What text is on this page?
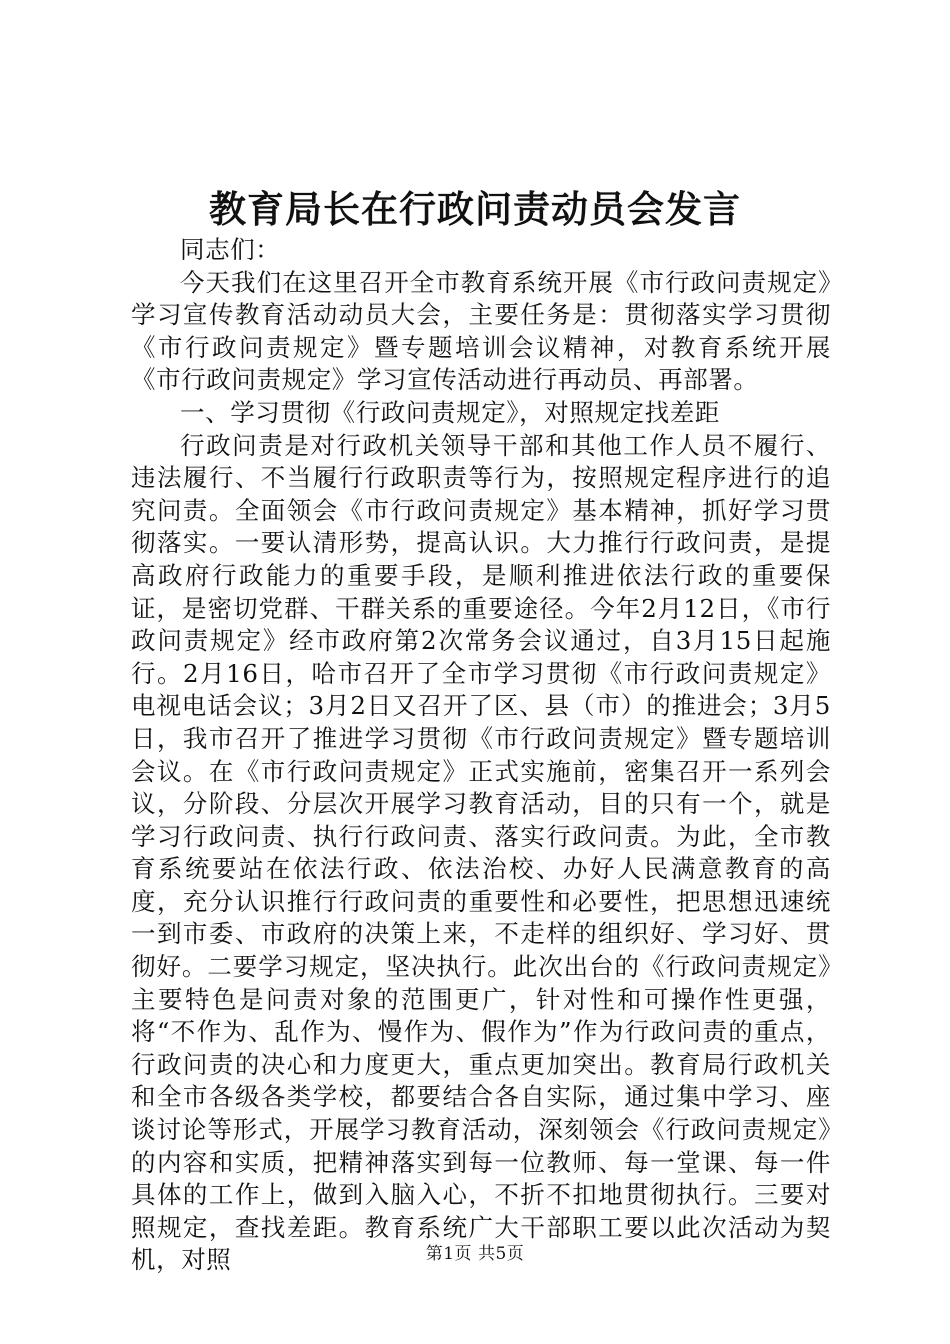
教育局长在行政问责动员会发言

同志们：

今天我们在这里召开全市教育系统开展《市行政问责规定》学习宣传教育活动动员大会，主要任务是：贯彻落实学习贯彻《市行政问责规定》暨专题培训会议精神，对教育系统开展《市行政问责规定》学习宣传活动进行再动员、再部署。

一、学习贯彻《行政问责规定》，对照规定找差距

行政问责是对行政机关领导干部和其他工作人员不履行、违法履行、不当履行行政职责等行为，按照规定程序进行的追究问责。全面领会《市行政问责规定》基本精神，抓好学习贯彻落实。一要认清形势，提高认识。大力推行行政问责，是提高政府行政能力的重要手段，是顺利推进依法行政的重要保证，是密切党群、干群关系的重要途径。今年2月12日，《市行政问责规定》经市政府第2次常务会议通过，自3月15日起施行。2月16日，哈市召开了全市学习贯彻《市行政问责规定》电视电话会议；3月2日又召开了区、县（市）的推进会；3月5日，我市召开了推进学习贯彻《市行政问责规定》暨专题培训会议。在《市行政问责规定》正式实施前，密集召开一系列会议，分阶段、分层次开展学习教育活动，目的只有一个，就是学习行政问责、执行行政问责、落实行政问责。为此，全市教育系统要站在依法行政、依法治校、办好人民满意教育的高度，充分认识推行行政问责的重要性和必要性，把思想迅速统一到市委、市政府的决策上来，不走样的组织好、学习好、贯彻好。二要学习规定，坚决执行。此次出台的《行政问责规定》主要特色是问责对象的范围更广，针对性和可操作性更强，将“不作为、乱作为、慢作为、假作为”作为行政问责的重点，行政问责的决心和力度更大，重点更加突出。教育局行政机关和全市各级各类学校，都要结合各自实际，通过集中学习、座谈讨论等形式，开展学习教育活动，深刻领会《行政问责规定》的内容和实质，把精神落实到每一位教师、每一堂课、每一件具体的工作上，做到入脑入心，不折不扣地贯彻执行。三要对照规定，查找差距。教育系统广大干部职工要以此次活动为契机，对照	第1页 共5页
